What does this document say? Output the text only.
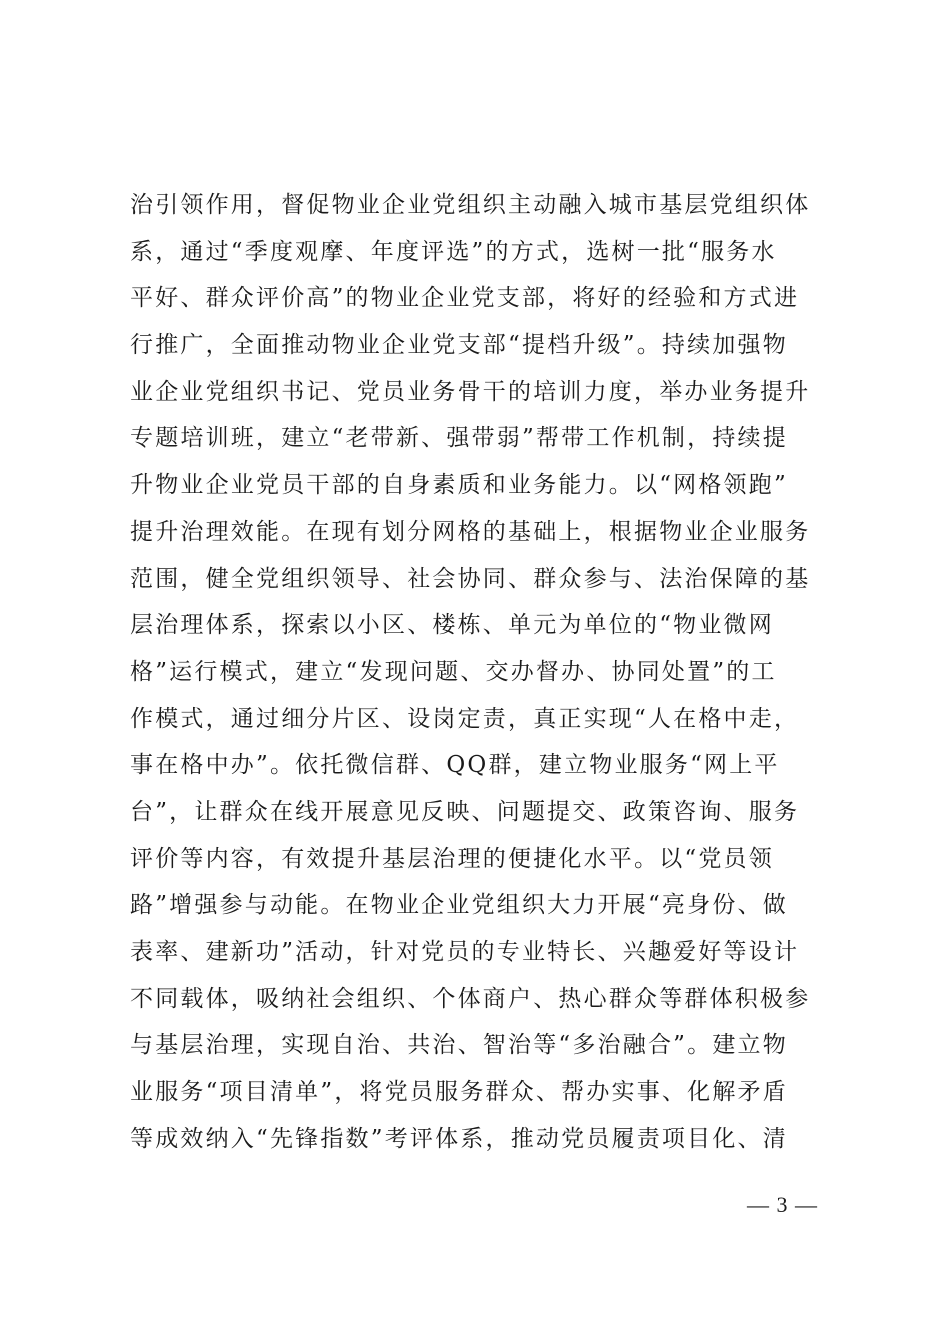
治引领作用，督促物业企业党组织主动融入城市基层党组织体
系，通过“季度观摩、年度评选”的方式，选树一批“服务水
平好、群众评价高”的物业企业党支部，将好的经验和方式进
行推广，全面推动物业企业党支部“提档升级”。持续加强物
业企业党组织书记、党员业务骨干的培训力度，举办业务提升
专题培训班，建立“老带新、强带弱”帮带工作机制，持续提
升物业企业党员干部的自身素质和业务能力。以“网格领跑”
提升治理效能。在现有划分网格的基础上，根据物业企业服务
范围，健全党组织领导、社会协同、群众参与、法治保障的基
层治理体系，探索以小区、楼栋、单元为单位的“物业微网
格”运行模式，建立“发现问题、交办督办、协同处置”的工
作模式，通过细分片区、设岗定责，真正实现“人在格中走，
事在格中办”。依托微信群、QQ群，建立物业服务“网上平
台”，让群众在线开展意见反映、问题提交、政策咨询、服务
评价等内容，有效提升基层治理的便捷化水平。以“党员领
路”增强参与动能。在物业企业党组织大力开展“亮身份、做
表率、建新功”活动，针对党员的专业特长、兴趣爱好等设计
不同载体，吸纳社会组织、个体商户、热心群众等群体积极参
与基层治理，实现自治、共治、智治等“多治融合”。建立物
业服务“项目清单”，将党员服务群众、帮办实事、化解矛盾
等成效纳入“先锋指数”考评体系，推动党员履责项目化、清
— 3 —
